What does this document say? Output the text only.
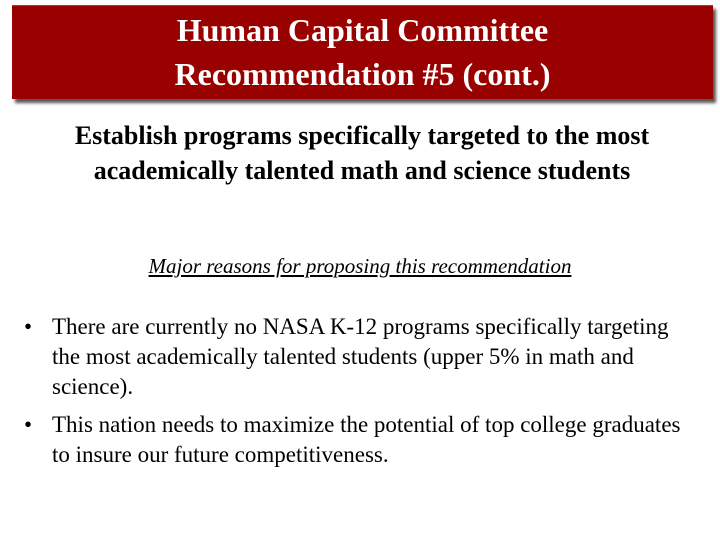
Human Capital Committee
Recommendation #5 (cont.)
Establish programs specifically targeted to the most academically talented math and science students
Major reasons for proposing this recommendation
• There are currently no NASA K-12 programs specifically targeting the most academically talented students (upper 5% in math and science).
• This nation needs to maximize the potential of top college graduates to insure our future competitiveness.
